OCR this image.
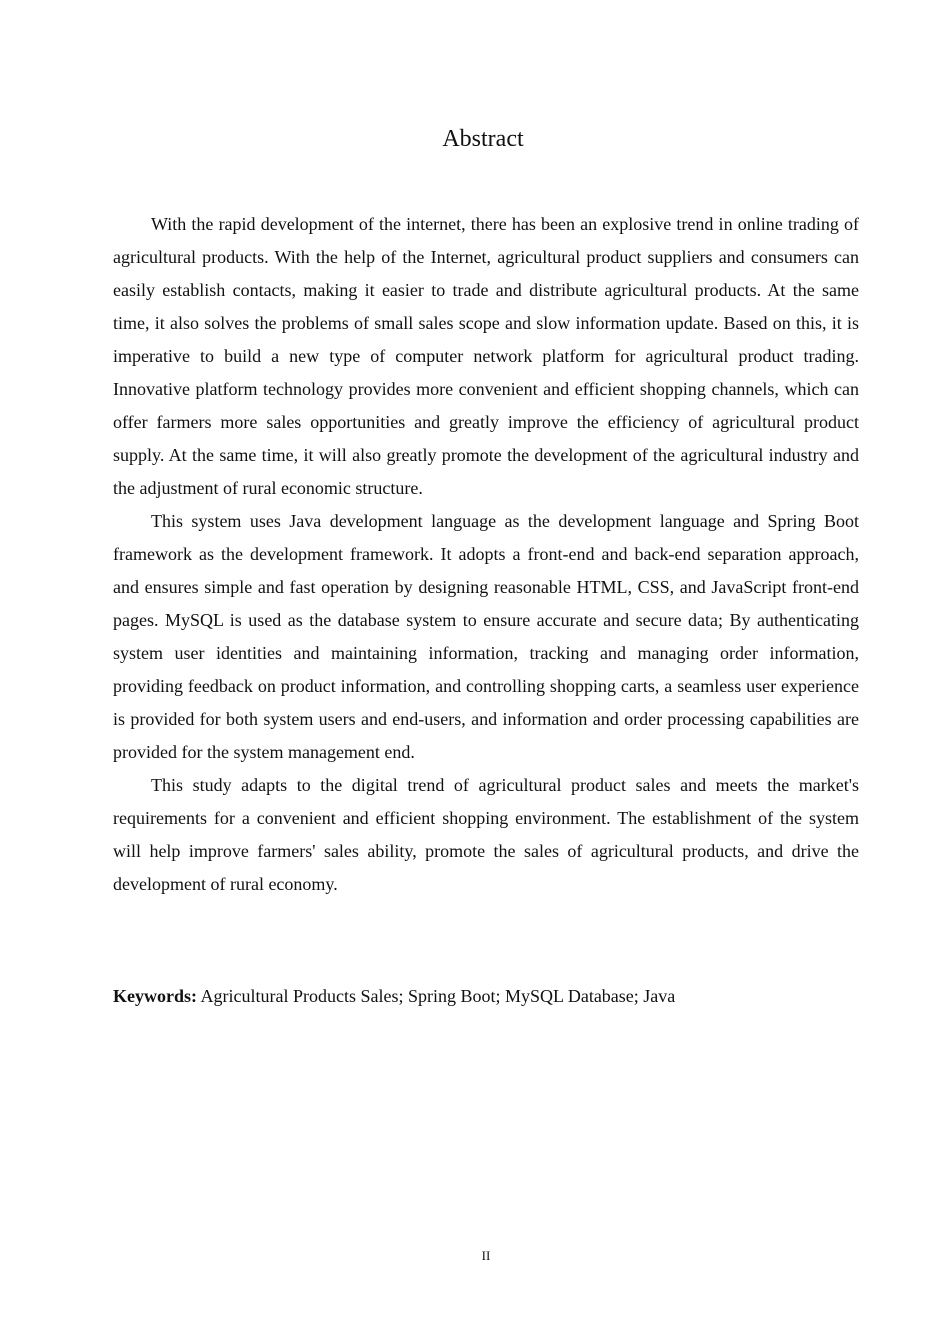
Abstract

With the rapid development of the internet, there has been an explosive trend in online trading of agricultural products. With the help of the Internet, agricultural product suppliers and consumers can easily establish contacts, making it easier to trade and distribute agricultural products. At the same time, it also solves the problems of small sales scope and slow information update. Based on this, it is imperative to build a new type of computer network platform for agricultural product trading. Innovative platform technology provides more convenient and efficient shopping channels, which can offer farmers more sales opportunities and greatly improve the efficiency of agricultural product supply. At the same time, it will also greatly promote the development of the agricultural industry and the adjustment of rural economic structure.

This system uses Java development language as the development language and Spring Boot framework as the development framework. It adopts a front-end and back-end separation approach, and ensures simple and fast operation by designing reasonable HTML, CSS, and JavaScript front-end pages. MySQL is used as the database system to ensure accurate and secure data; By authenticating system user identities and maintaining information, tracking and managing order information, providing feedback on product information, and controlling shopping carts, a seamless user experience is provided for both system users and end-users, and information and order processing capabilities are provided for the system management end.

This study adapts to the digital trend of agricultural product sales and meets the market's requirements for a convenient and efficient shopping environment. The establishment of the system will help improve farmers' sales ability, promote the sales of agricultural products, and drive the development of rural economy.

Keywords: Agricultural Products Sales; Spring Boot; MySQL Database; Java

II
